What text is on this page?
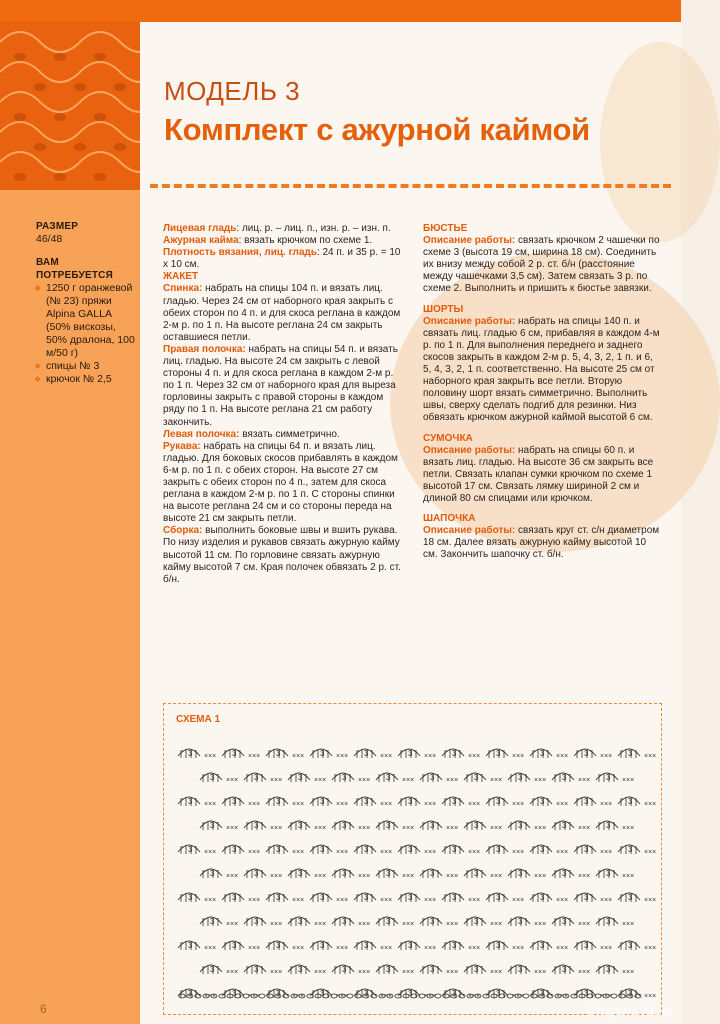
РАЗМЕР
46/48
ВАМ
ПОТРЕБУЕТСЯ
❖ 1250 г оранжевой (№ 23) пряжи Alpina GALLA (50% вискозы, 50% дралона, 100 м/50 г)
❖ спицы № 3
❖ крючок № 2,5
МОДЕЛЬ 3
Комплект с ажурной каймой

Лицевая гладь: лиц. р. – лиц. п., изн. р. – изн. п.

Ажурная кайма: вязать крючком по схеме 1.

Плотность вязания, лиц. гладь: 24 п. и 35 р. = 10 х 10 см.

ЖАКЕТ

Спинка: набрать на спицы 104 п. и вязать лиц. гладью. Через 24 см от наборного края закрыть с обеих сторон по 4 п. и для скоса реглана в каждом 2-м р. по 1 п. На высоте реглана 24 см закрыть оставшиеся петли.

Правая полочка: набрать на спицы 54 п. и вязать лиц. гладью. На высоте 24 см закрыть с левой стороны 4 п. и для скоса реглана в каждом 2-м р. по 1 п. Через 32 см от наборного края для выреза горловины закрыть с правой стороны в каждом ряду по 1 п. На высоте реглана 21 см работу закончить.

Левая полочка: вязать симметрично.

Рукава: набрать на спицы 64 п. и вязать лиц. гладью. Для боковых скосов прибавлять в каждом 6-м р. по 1 п. с обеих сторон. На высоте 27 см закрыть с обеих сторон по 4 п., затем для скоса реглана в каждом 2-м р. по 1 п. С стороны спинки на высоте реглана 24 см и со стороны переда на высоте 21 см закрыть петли.

Сборка: выполнить боковые швы и вшить рукава. По низу изделия и рукавов связать ажурную кайму высотой 11 см. По горловине связать ажурную кайму высотой 7 см. Края полочек обвязать 2 р. ст. б/н.

БЮСТЬЕ

Описание работы: связать крючком 2 чашечки по схеме 3 (высота 19 см, ширина 18 см). Соединить их внизу между собой 2 р. ст. б/н (расстояние между чашечками 3,5 см). Затем связать 3 р. по схеме 2. Выполнить и пришить к бюстье завязки.

ШОРТЫ

Описание работы: набрать на спицы 140 п. и связать лиц. гладью 6 см, прибавляя в каждом 4-м р. по 1 п. Для выполнения переднего и заднего скосов закрыть в каждом 2-м р. 5, 4, 3, 2, 1 п. и 6, 5, 4, 3, 2, 1 п. соответственно. На высоте 25 см от наборного края закрыть все петли. Вторую половину шорт вязать симметрично. Выполнить швы, сверху сделать подгиб для резинки. Низ обвязать крючком ажурной каймой высотой 6 см.

СУМОЧКА

Описание работы: набрать на спицы 60 п. и вязать лиц. гладью. На высоте 36 см закрыть все петли. Связать клапан сумки крючком по схеме 1 высотой 17 см. Связать лямку шириной 2 см и длиной 80 см спицами или крючком.

ШАПОЧКА

Описание работы: связать круг ст. с/н диаметром 18 см. Далее вязать ажурную кайму высотой 10 см. Закончить шапочку ст. б/н.

СХЕМА 1
3 ××× 3 ××× 3 ××× 3 ××× 3 ××× 3 ××× 3 ××× 3 ××× 3 ××× 3 ××× 3 ×××
3 ××× 3 ××× 3 ××× 3 ××× 3 ××× 3 ××× 3 ××× 3 ××× 3 ××× 3 ×××
3 ××× 3 ××× 3 ××× 3 ××× 3 ××× 3 ××× 3 ××× 3 ××× 3 ××× 3 ××× 3 ×××
3 ××× 3 ××× 3 ××× 3 ××× 3 ××× 3 ××× 3 ××× 3 ××× 3 ××× 3 ×××
3 ××× 3 ××× 3 ××× 3 ××× 3 ××× 3 ××× 3 ××× 3 ××× 3 ××× 3 ××× 3 ×××
3 ××× 3 ××× 3 ××× 3 ××× 3 ××× 3 ××× 3 ××× 3 ××× 3 ××× 3 ×××
3 ××× 3 ××× 3 ××× 3 ××× 3 ××× 3 ××× 3 ××× 3 ××× 3 ××× 3 ××× 3 ×××
3 ××× 3 ××× 3 ××× 3 ××× 3 ××× 3 ××× 3 ××× 3 ××× 3 ××× 3 ×××
3 ××× 3 ××× 3 ××× 3 ××× 3 ××× 3 ××× 3 ××× 3 ××× 3 ××× 3 ××× 3 ×××
3 ××× 3 ××× 3 ××× 3 ××× 3 ××× 3 ××× 3 ××× 3 ××× 3 ××× 3 ×××
3 ××× 3 ××× 3 ××× 3 ××× 3 ××× 3 ××× 3 ××× 3 ××× 3 ××× 3 ××× 3 ×××
6	Страна Мам
